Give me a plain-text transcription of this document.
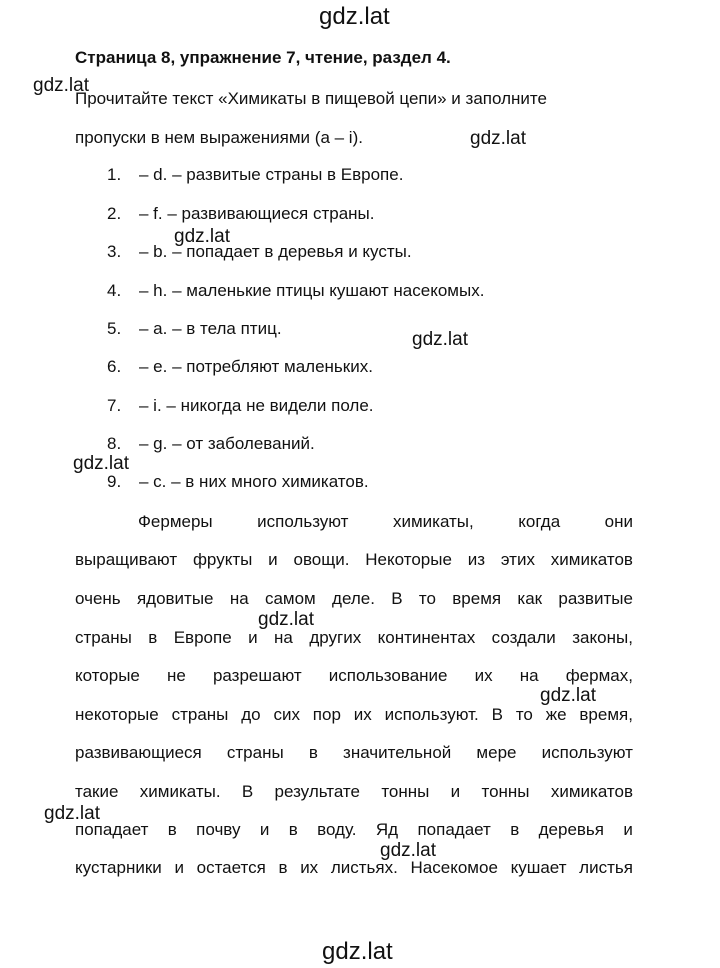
gdz.lat
gdz.lat
gdz.lat
gdz.lat
gdz.lat
gdz.lat
gdz.lat
gdz.lat
gdz.lat
gdz.lat
gdz.lat
Страница 8, упражнение 7, чтение, раздел 4.
Прочитайте текст «Химикаты в пищевой цепи» и заполните
пропуски в нем выражениями (a – i).
1. – d. – развитые страны в Европе.
2. – f. – развивающиеся страны.
3. – b. – попадает в деревья и кусты.
4. – h. – маленькие птицы кушают насекомых.
5. – a. – в тела птиц.
6. – e. – потребляют маленьких.
7. – i. – никогда не видели поле.
8. – g. – от заболеваний.
9. – c. – в них много химикатов.
Фермеры	используют	химикаты,	когда	они
выращивают фрукты и овощи. Некоторые из этих химикатов
очень ядовитые на самом деле. В то время как развитые
страны в Европе и на других континентах создали законы,
которые не разрешают использование их на фермах,
некоторые страны до сих пор их используют. В то же время,
развивающиеся страны в значительной мере используют
такие химикаты. В результате тонны и тонны химикатов
попадает в почву и в воду. Яд попадает в деревья и
кустарники и остается в их листьях. Насекомое кушает листья
